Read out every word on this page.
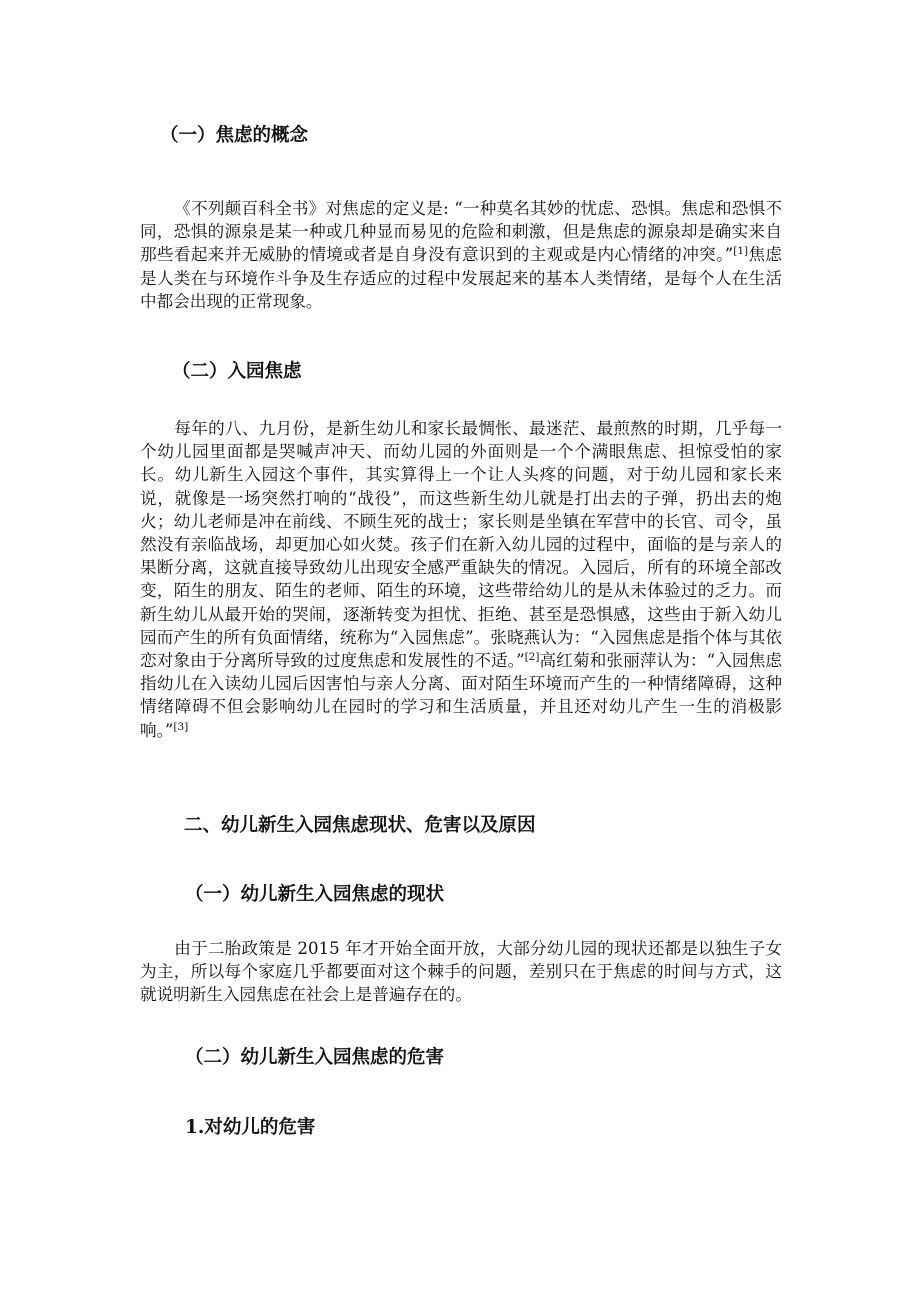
（一）焦虑的概念

《不列颠百科全书》对焦虑的定义是: “一种莫名其妙的忧虑、恐惧。焦虑和恐惧不同，恐惧的源泉是某一种或几种显而易见的危险和刺激，但是焦虑的源泉却是确实来自那些看起来并无威胁的情境或者是自身没有意识到的主观或是内心情绪的冲突。”[1]焦虑是人类在与环境作斗争及生存适应的过程中发展起来的基本人类情绪，是每个人在生活中都会出现的正常现象。

（二）入园焦虑

每年的八、九月份，是新生幼儿和家长最惆怅、最迷茫、最煎熬的时期，几乎每一个幼儿园里面都是哭喊声冲天、而幼儿园的外面则是一个个满眼焦虑、担惊受怕的家长。幼儿新生入园这个事件，其实算得上一个让人头疼的问题，对于幼儿园和家长来说，就像是一场突然打响的“战役”，而这些新生幼儿就是打出去的子弹，扔出去的炮火；幼儿老师是冲在前线、不顾生死的战士；家长则是坐镇在军营中的长官、司令，虽然没有亲临战场，却更加心如火焚。孩子们在新入幼儿园的过程中，面临的是与亲人的果断分离，这就直接导致幼儿出现安全感严重缺失的情况。入园后，所有的环境全部改变，陌生的朋友、陌生的老师、陌生的环境，这些带给幼儿的是从未体验过的乏力。而新生幼儿从最开始的哭闹，逐渐转变为担忧、拒绝、甚至是恐惧感，这些由于新入幼儿园而产生的所有负面情绪，统称为“入园焦虑”。张晓燕认为：“入园焦虑是指个体与其依恋对象由于分离所导致的过度焦虑和发展性的不适。”[2]高红菊和张丽萍认为：“入园焦虑指幼儿在入读幼儿园后因害怕与亲人分离、面对陌生环境而产生的一种情绪障碍，这种情绪障碍不但会影响幼儿在园时的学习和生活质量，并且还对幼儿产生一生的消极影响。”[3]

二、幼儿新生入园焦虑现状、危害以及原因
（一）幼儿新生入园焦虑的现状

由于二胎政策是 2015 年才开始全面开放，大部分幼儿园的现状还都是以独生子女为主，所以每个家庭几乎都要面对这个棘手的问题，差别只在于焦虑的时间与方式，这就说明新生入园焦虑在社会上是普遍存在的。

（二）幼儿新生入园焦虑的危害
1.对幼儿的危害
